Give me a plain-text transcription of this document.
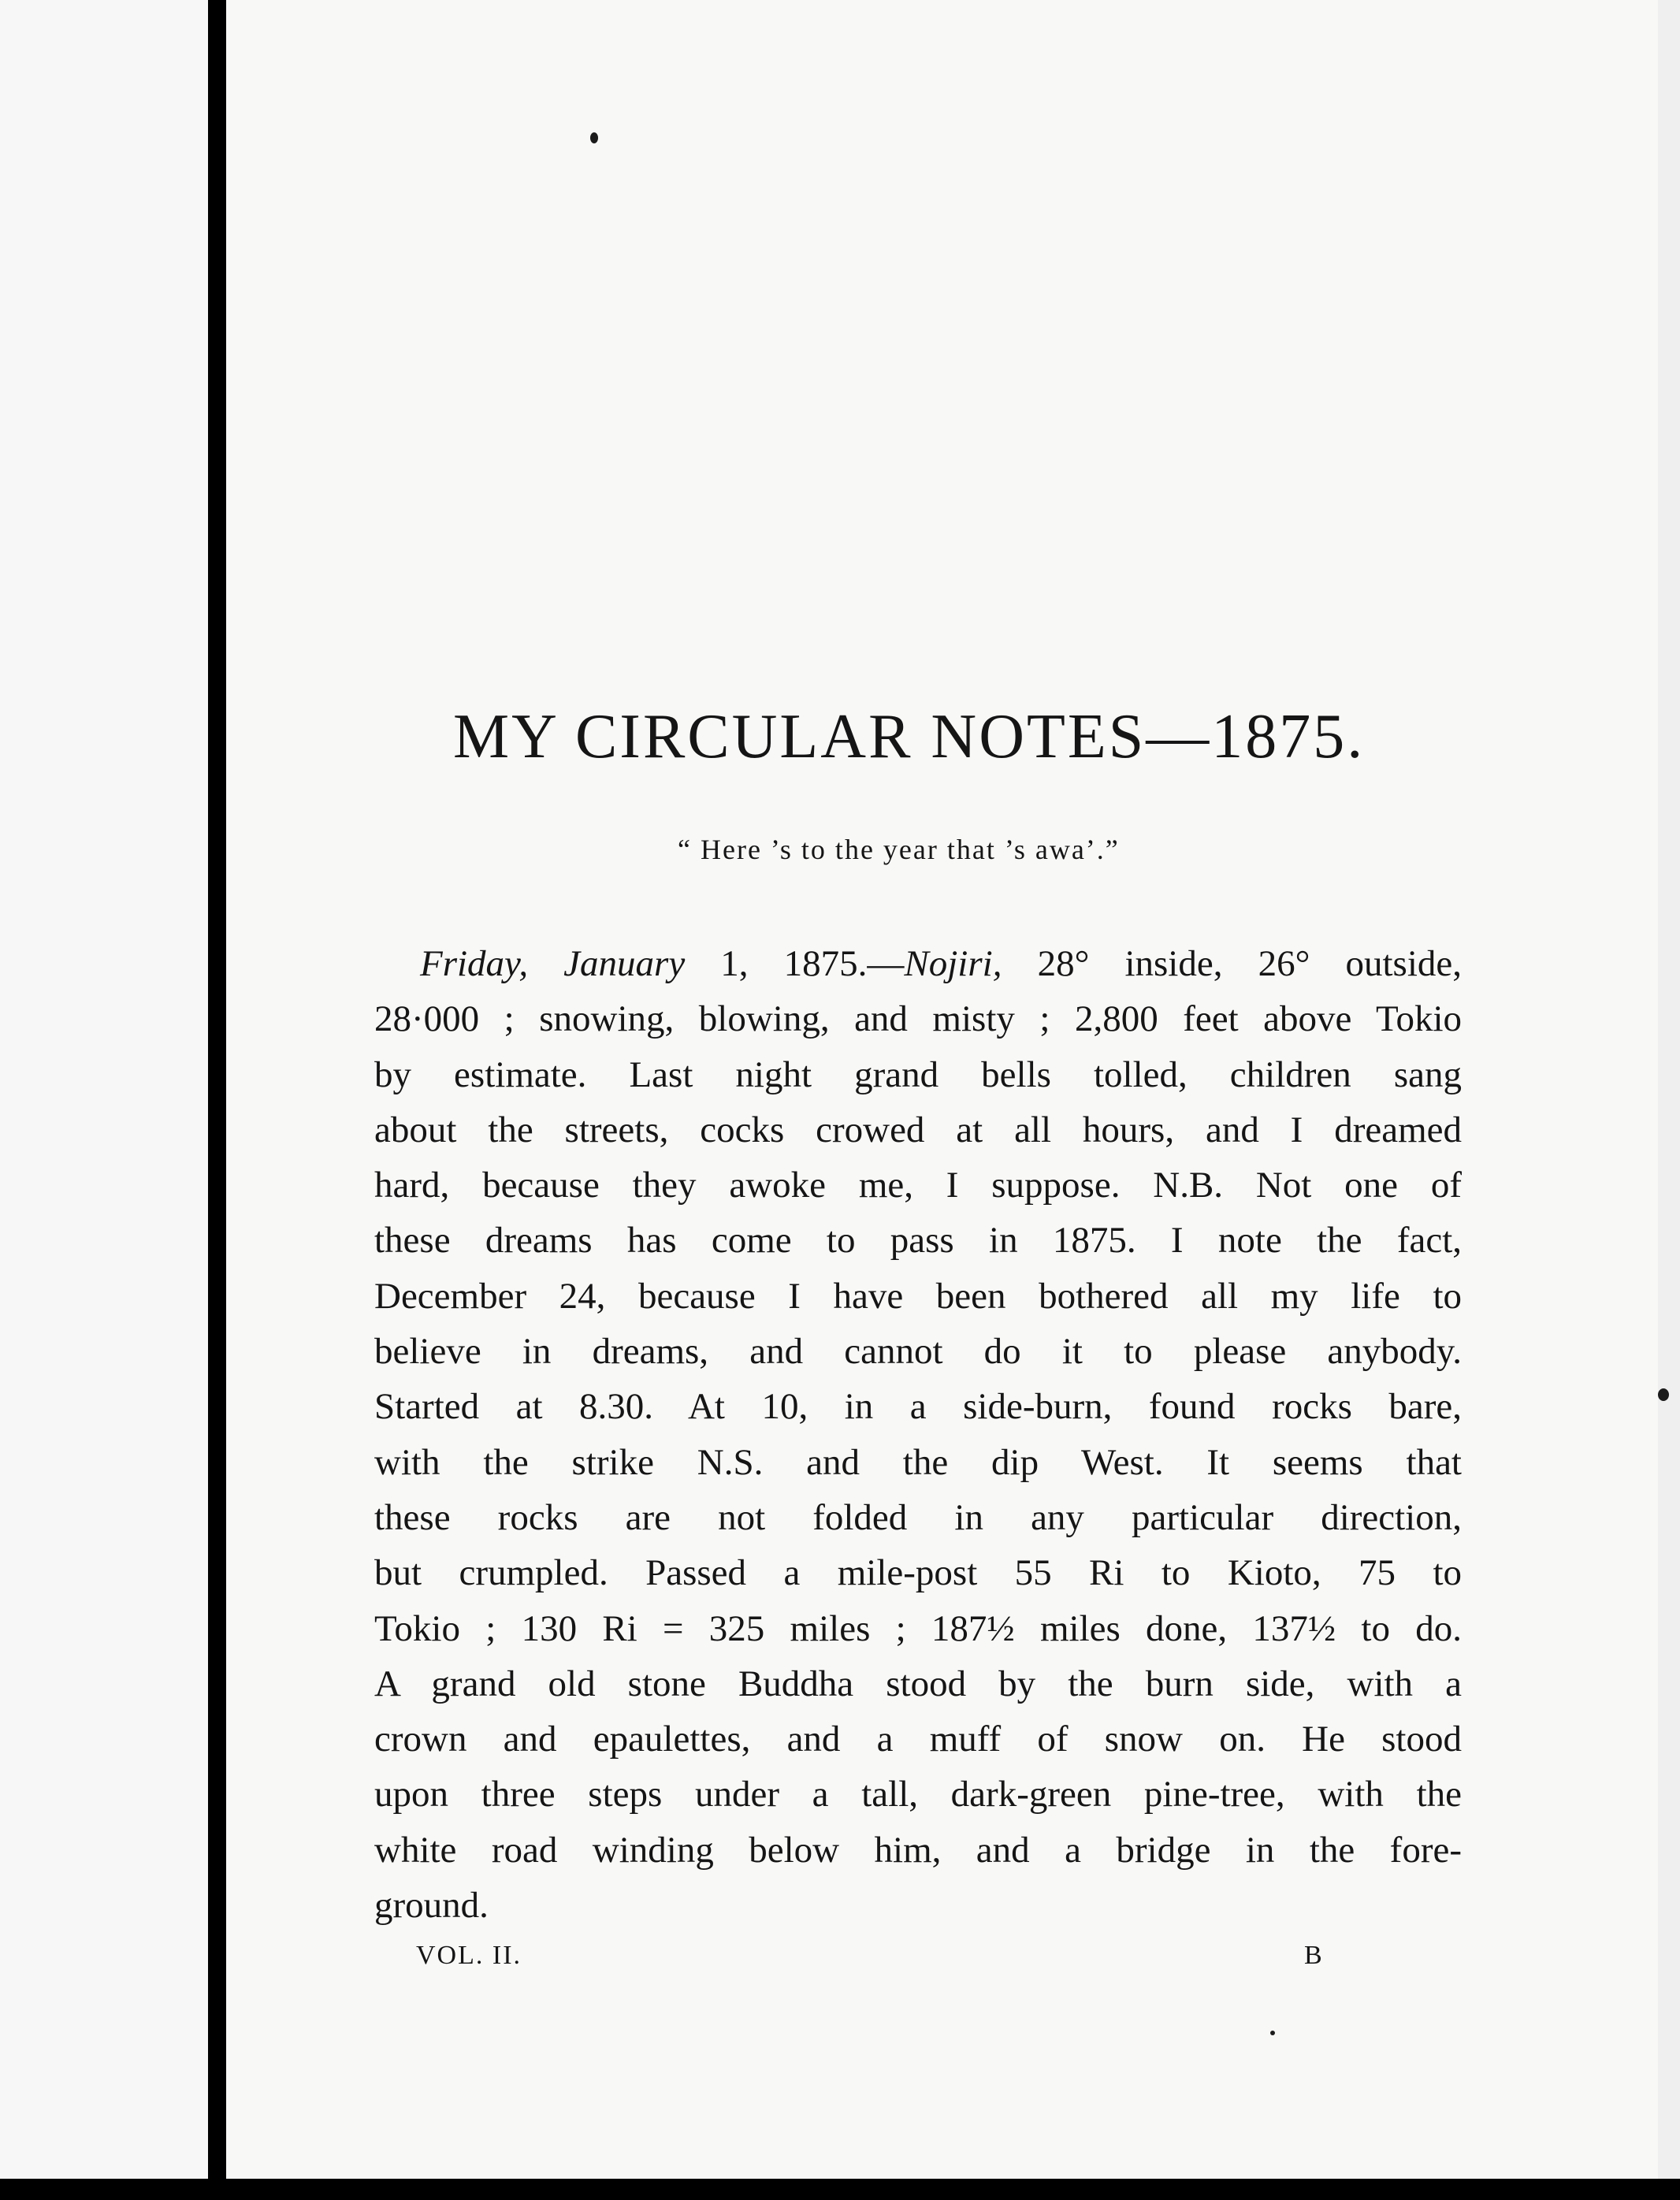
MY CIRCULAR NOTES—1875.

“ Here ’s to the year that ’s awa’.”

Friday, January 1, 1875.—Nojiri, 28° inside, 26° outside,
28·000 ; snowing, blowing, and misty ; 2,800 feet above Tokio
by estimate. Last night grand bells tolled, children sang
about the streets, cocks crowed at all hours, and I dreamed
hard, because they awoke me, I suppose. N.B. Not one of
these dreams has come to pass in 1875. I note the fact,
December 24, because I have been bothered all my life to
believe in dreams, and cannot do it to please anybody.
Started at 8.30. At 10, in a side-burn, found rocks bare,
with the strike N.S. and the dip West. It seems that
these rocks are not folded in any particular direction,
but crumpled. Passed a mile-post 55 Ri to Kioto, 75 to
Tokio ; 130 Ri = 325 miles ; 187½ miles done, 137½ to do.
A grand old stone Buddha stood by the burn side, with a
crown and epaulettes, and a muff of snow on. He stood
upon three steps under a tall, dark-green pine-tree, with the
white road winding below him, and a bridge in the fore-
ground.

VOL. II.	B
